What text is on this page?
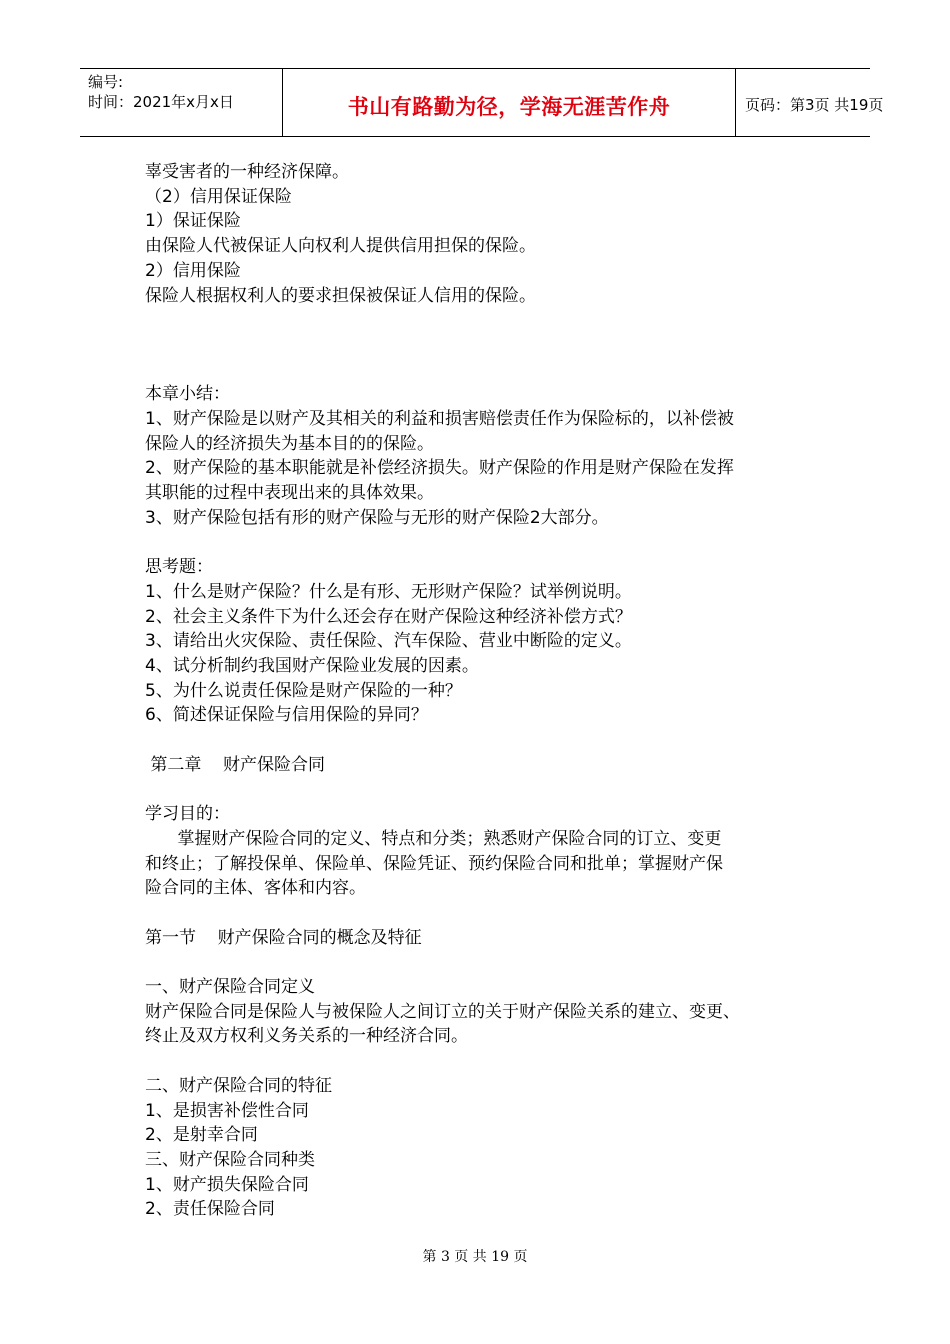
编号:
时间：2021年x月x日	书山有路勤为径，学海无涯苦作舟	页码：第3页 共19页

辜受害者的一种经济保障。

（2）信用保证保险

1）保证保险

由保险人代被保证人向权利人提供信用担保的保险。

2）信用保险

保险人根据权利人的要求担保被保证人信用的保险。

本章小结：

1、财产保险是以财产及其相关的利益和损害赔偿责任作为保险标的，以补偿被

保险人的经济损失为基本目的的保险。

2、财产保险的基本职能就是补偿经济损失。财产保险的作用是财产保险在发挥

其职能的过程中表现出来的具体效果。

3、财产保险包括有形的财产保险与无形的财产保险2大部分。

思考题：

1、什么是财产保险？什么是有形、无形财产保险？试举例说明。

2、社会主义条件下为什么还会存在财产保险这种经济补偿方式？

3、请给出火灾保险、责任保险、汽车保险、营业中断险的定义。

4、试分析制约我国财产保险业发展的因素。

5、为什么说责任保险是财产保险的一种？

6、简述保证保险与信用保险的异同？

第二章    财产保险合同

学习目的：

掌握财产保险合同的定义、特点和分类；熟悉财产保险合同的订立、变更

和终止；了解投保单、保险单、保险凭证、预约保险合同和批单；掌握财产保

险合同的主体、客体和内容。

第一节    财产保险合同的概念及特征

一、财产保险合同定义

财产保险合同是保险人与被保险人之间订立的关于财产保险关系的建立、变更、

终止及双方权利义务关系的一种经济合同。

二、财产保险合同的特征

1、是损害补偿性合同

2、是射幸合同

三、财产保险合同种类

1、财产损失保险合同

2、责任保险合同

第 3 页 共 19 页
